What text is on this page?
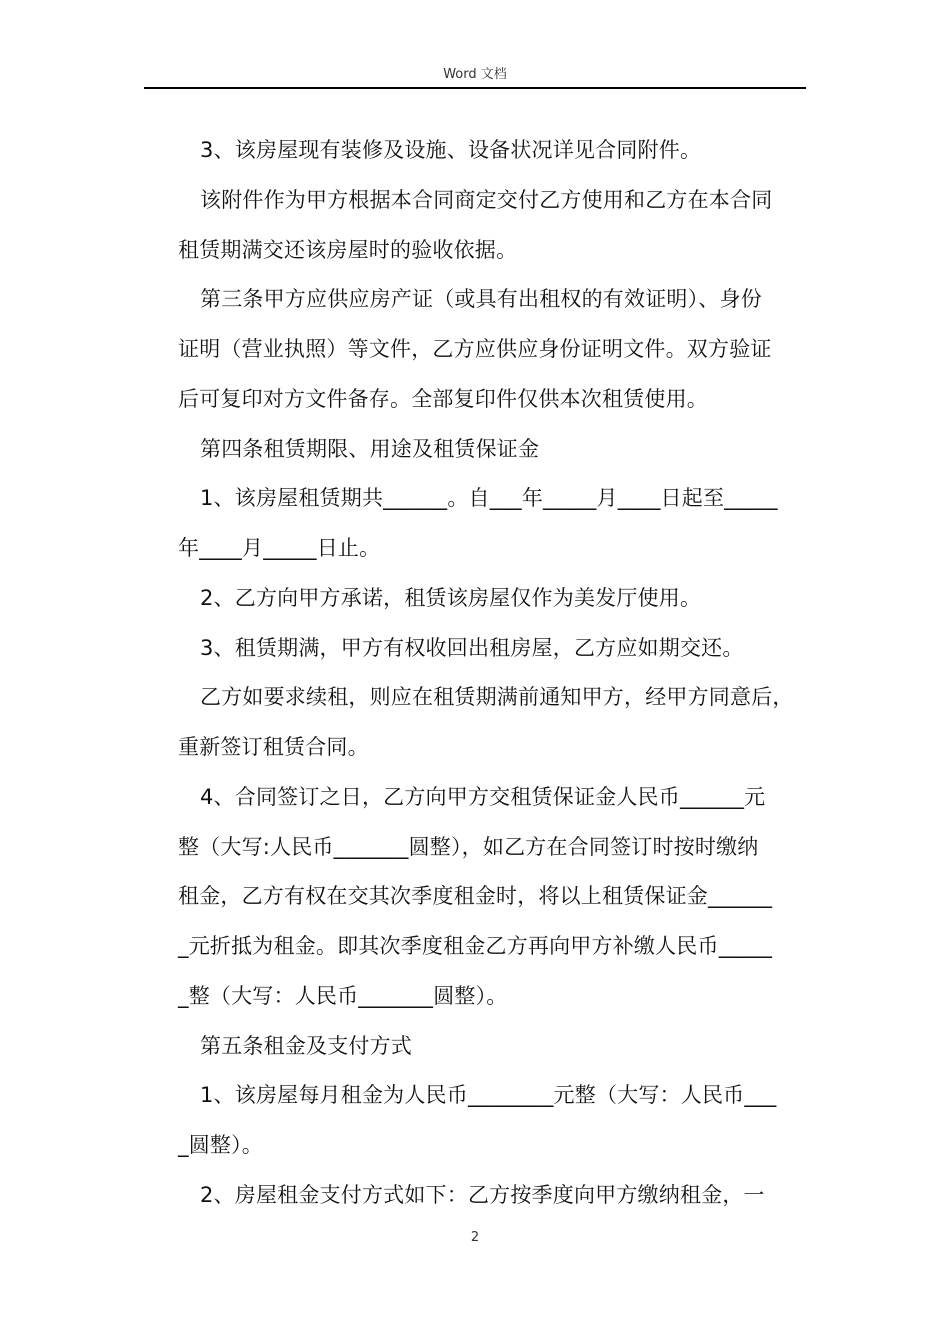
Word 文档
3、该房屋现有装修及设施、设备状况详见合同附件。
该附件作为甲方根据本合同商定交付乙方使用和乙方在本合同
租赁期满交还该房屋时的验收依据。
第三条甲方应供应房产证（或具有出租权的有效证明）、身份
证明（营业执照）等文件，乙方应供应身份证明文件。双方验证
后可复印对方文件备存。全部复印件仅供本次租赁使用。
第四条租赁期限、用途及租赁保证金
1、该房屋租赁期共______。自___年_____月____日起至_____
年____月_____日止。
2、乙方向甲方承诺，租赁该房屋仅作为美发厅使用。
3、租赁期满，甲方有权收回出租房屋，乙方应如期交还。
乙方如要求续租，则应在租赁期满前通知甲方，经甲方同意后，
重新签订租赁合同。
4、合同签订之日，乙方向甲方交租赁保证金人民币______元
整（大写:人民币_______圆整），如乙方在合同签订时按时缴纳
租金，乙方有权在交其次季度租金时，将以上租赁保证金______
_元折抵为租金。即其次季度租金乙方再向甲方补缴人民币_____
_整（大写：人民币_______圆整）。
第五条租金及支付方式
1、该房屋每月租金为人民币________元整（大写：人民币___
_圆整）。
2、房屋租金支付方式如下：乙方按季度向甲方缴纳租金，一
2
